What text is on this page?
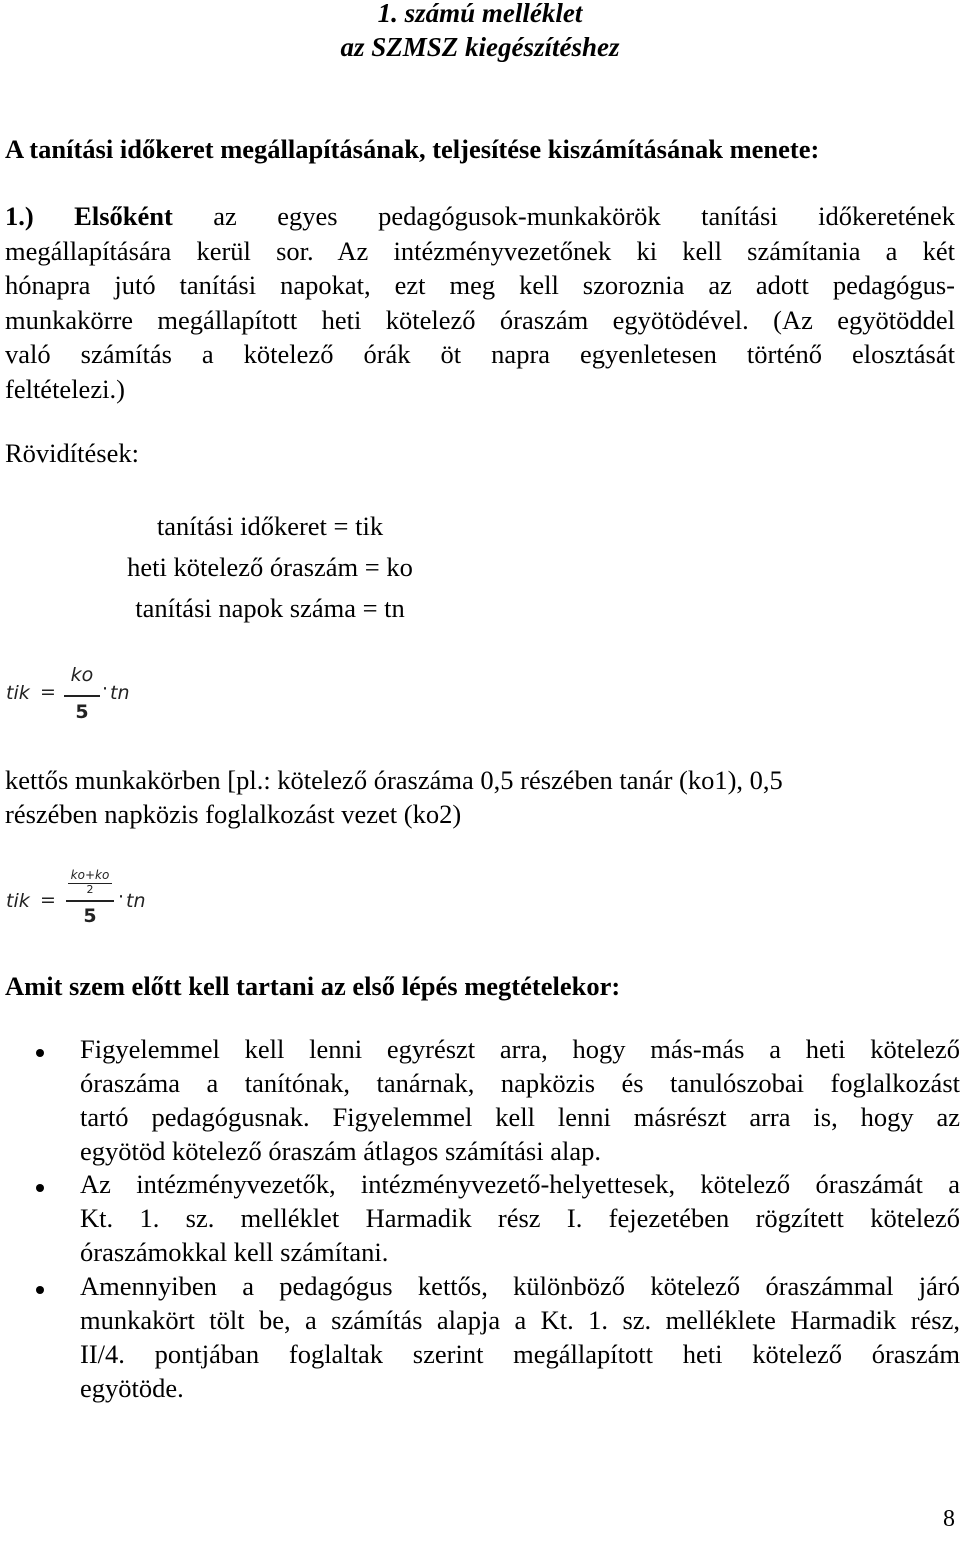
1. számú melléklet
az SZMSZ kiegészítéshez
A tanítási időkeret megállapításának, teljesítése kiszámításának menete:
1.) Elsőként az egyes pedagógusok-munkakörök tanítási időkeretének
megállapítására kerül sor. Az intézményvezetőnek ki kell számítania a két
hónapra jutó tanítási napokat, ezt meg kell szoroznia az adott pedagógus-
munkakörre megállapított heti kötelező óraszám egyötödével. (Az egyötöddel
való számítás a kötelező órák öt napra egyenletesen történő elosztását
feltételezi.)
Rövidítések:
tanítási időkeret = tik
heti kötelező óraszám = ko
tanítási napok száma = tn
tik =
ko
5
· tn
kettős munkakörben [pl.: kötelező óraszáma 0,5 részében tanár (ko1), 0,5
részében napközis foglalkozást vezet (ko2)
tik =
ko+ko
2
5
· tn
Amit szem előtt kell tartani az első lépés megtételekor:
Figyelemmel kell lenni egyrészt arra, hogy más-más a heti kötelező
óraszáma a tanítónak, tanárnak, napközis és tanulószobai foglalkozást
tartó pedagógusnak. Figyelemmel kell lenni másrészt arra is, hogy az
egyötöd kötelező óraszám átlagos számítási alap.
Az intézményvezetők, intézményvezető-helyettesek, kötelező óraszámát a
Kt. 1. sz. melléklet Harmadik rész I. fejezetében rögzített kötelező
óraszámokkal kell számítani.
Amennyiben a pedagógus kettős, különböző kötelező óraszámmal járó
munkakört tölt be, a számítás alapja a Kt. 1. sz. melléklete Harmadik rész,
II/4. pontjában foglaltak szerint megállapított heti kötelező óraszám
egyötöde.
8
